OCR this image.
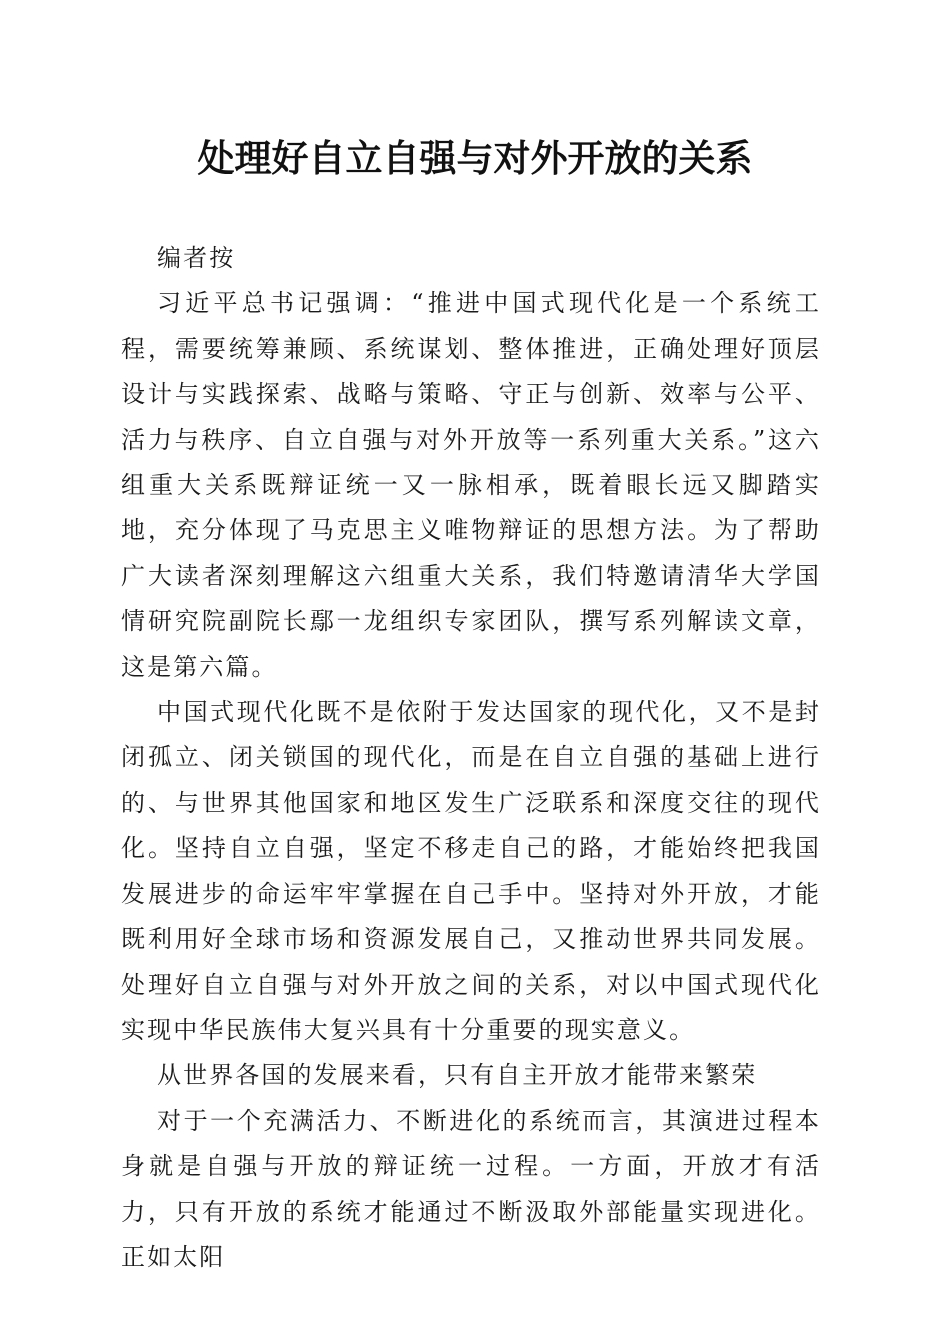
处理好自立自强与对外开放的关系

编者按

习近平总书记强调：“推进中国式现代化是一个系统工程，需要统筹兼顾、系统谋划、整体推进，正确处理好顶层设计与实践探索、战略与策略、守正与创新、效率与公平、活力与秩序、自立自强与对外开放等一系列重大关系。”这六组重大关系既辩证统一又一脉相承，既着眼长远又脚踏实地，充分体现了马克思主义唯物辩证的思想方法。为了帮助广大读者深刻理解这六组重大关系，我们特邀请清华大学国情研究院副院长鄢一龙组织专家团队，撰写系列解读文章，这是第六篇。

中国式现代化既不是依附于发达国家的现代化，又不是封闭孤立、闭关锁国的现代化，而是在自立自强的基础上进行的、与世界其他国家和地区发生广泛联系和深度交往的现代化。坚持自立自强，坚定不移走自己的路，才能始终把我国发展进步的命运牢牢掌握在自己手中。坚持对外开放，才能既利用好全球市场和资源发展自己，又推动世界共同发展。处理好自立自强与对外开放之间的关系，对以中国式现代化实现中华民族伟大复兴具有十分重要的现实意义。

从世界各国的发展来看，只有自主开放才能带来繁荣

对于一个充满活力、不断进化的系统而言，其演进过程本身就是自强与开放的辩证统一过程。一方面，开放才有活力，只有开放的系统才能通过不断汲取外部能量实现进化。正如太阳
